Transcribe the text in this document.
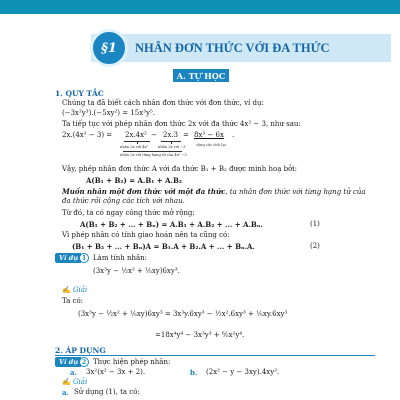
§1	NHÂN ĐƠN THỨC VỚI ĐA THỨC
A. TỰ HỌC
1. QUY TẮC
Chúng ta đã biết cách nhân đơn thức với đơn thức, ví dụ:
(−3x²y³).(−5xy²) = 15x³y⁵.
Ta tiếp tục với phép nhân đơn thức 2x với đa thức 4x² − 3, như sau:
2x.(4x² − 3) = 2x.4x² − 2x.3 = 8x³ − 6x .
nhân 2x với 4x²	nhân 2x với −3	cộng các tích lại
nhân 2x với từng hạng tử của 4x² −3
Vậy, phép nhân đơn thức A với đa thức B₁ + B₂ được minh hoạ bởi:
A(B₁ + B₂) = A.B₁ + A.B₂
Muốn nhân một đơn thức với một đa thức, ta nhân đơn thức với từng hạng tử của
đa thức rồi cộng các tích với nhau.
Từ đó, ta có ngay công thức mở rộng:
A(B₁ + B₂ + ... + Bₙ) = A.B₁ + A.B₂ + ... + A.Bₙ.	(1)
Vì phép nhân có tính giao hoán nên ta cũng có:
(B₁ + B₂ + ... + Bₙ)A = B₁.A + B₂.A + ... + Bₙ.A.	(2)
Ví dụ 1 Làm tính nhân:
(3x³y − ½x² + ⅕xy)6xy³.
✍ Giải
Ta có:
(3x³y − ½x² + ⅕xy)6xy³ = 3x³y.6xy³ − ½x².6xy³ + ⅕xy.6xy³
=18x⁴y⁴ − 3x³y³ + ⁶⁄₅x²y⁴.
2. ÁP DỤNG
Ví dụ 2 Thực hiện phép nhân:
a. 3x²(x² − 3x + 2).	b. (2x² − y − 3xy).4xy².
✍ Giải
a. Sử dụng (1), ta có:
